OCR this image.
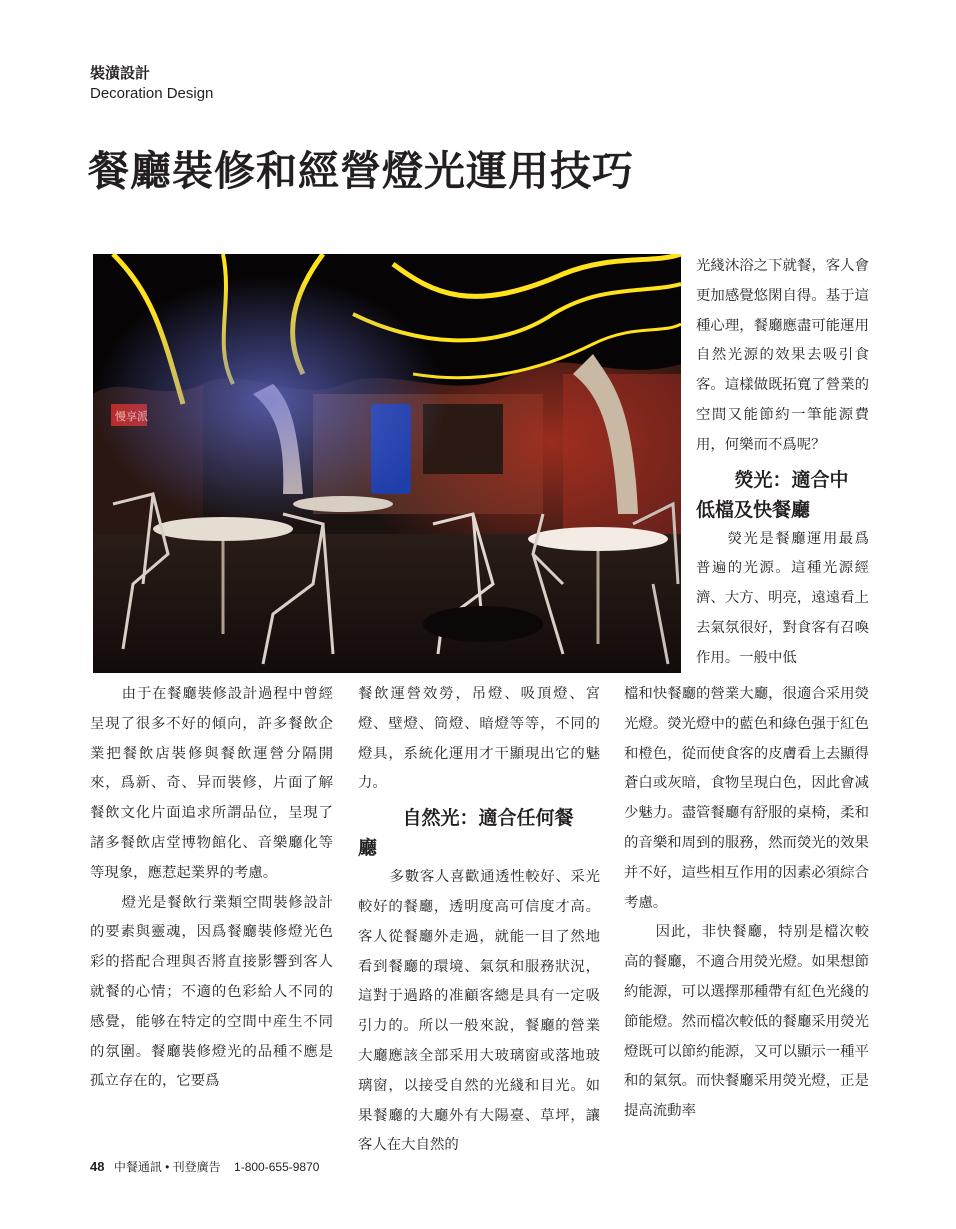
裝潢設計
Decoration Design
餐廳裝修和經營燈光運用技巧

由于在餐廳裝修設計過程中曾經呈現了很多不好的傾向，許多餐飲企業把餐飲店裝修與餐飲運營分隔開來，爲新、奇、异而裝修，片面了解餐飲文化片面追求所謂品位，呈現了諸多餐飲店堂博物館化、音樂廳化等等現象，應惹起業界的考慮。

燈光是餐飲行業類空間裝修設計的要素與靈魂，因爲餐廳裝修燈光色彩的搭配合理與否將直接影響到客人就餐的心情；不適的色彩給人不同的感覺，能够在特定的空間中産生不同的氛圍。餐廳裝修燈光的品種不應是孤立存在的，它要爲

餐飲運營效勞，吊燈、吸頂燈、宮燈、壁燈、筒燈、暗燈等等，不同的燈具，系統化運用才干顯現出它的魅力。

自然光：適合任何餐
廳

多數客人喜歡通透性較好、采光較好的餐廳，透明度高可信度才高。客人從餐廳外走過，就能一目了然地看到餐廳的環境、氣氛和服務狀況，這對于過路的准顧客總是具有一定吸引力的。所以一般來說，餐廳的營業大廳應該全部采用大玻璃窗或落地玻璃窗，以接受自然的光綫和目光。如果餐廳的大廳外有大陽臺、草坪，讓客人在大自然的

光綫沐浴之下就餐，客人會更加感覺悠閑自得。基于這種心理，餐廳應盡可能運用自然光源的效果去吸引食客。這樣做既拓寬了營業的空間又能節約一筆能源費用，何樂而不爲呢？

熒光：適合中
低檔及快餐廳

熒光是餐廳運用最爲普遍的光源。這種光源經濟、大方、明亮，遠遠看上去氣氛很好，對食客有召喚作用。一般中低

檔和快餐廳的營業大廳，很適合采用熒光燈。熒光燈中的藍色和綠色强于紅色和橙色，從而使食客的皮膚看上去顯得蒼白或灰暗，食物呈現白色，因此會减少魅力。盡管餐廳有舒服的桌椅，柔和的音樂和周到的服務，然而熒光的效果并不好，這些相互作用的因素必須綜合考慮。

因此，非快餐廳，特别是檔次較高的餐廳，不適合用熒光燈。如果想節約能源，可以選擇那種帶有紅色光綫的節能燈。然而檔次較低的餐廳采用熒光燈既可以節約能源，又可以顯示一種平和的氣氛。而快餐廳采用熒光燈，正是提高流動率

48 中餐通訊 • 刊登廣告 1-800-655-9870
